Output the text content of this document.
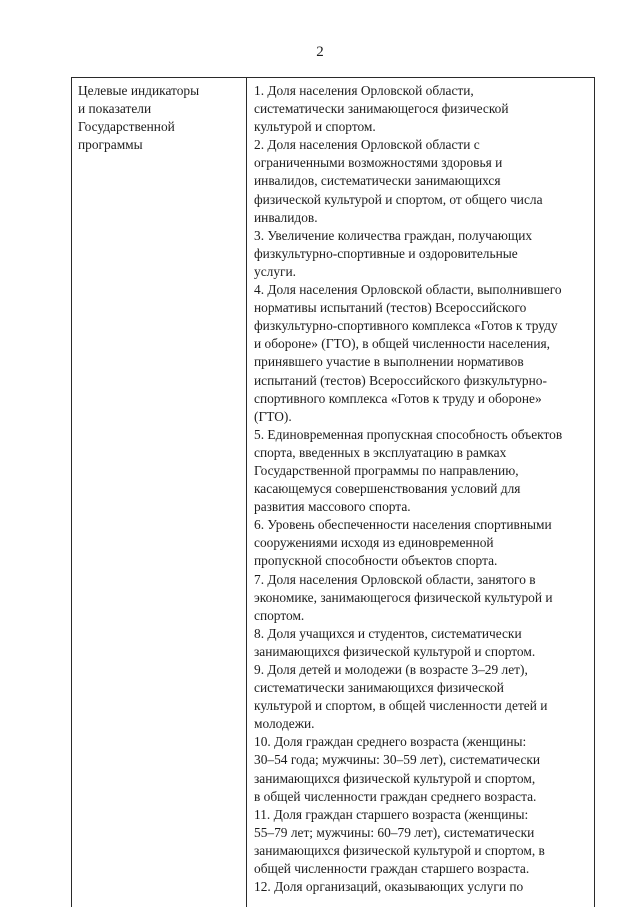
2
Целевые индикаторы
и показатели
Государственной
программы
1. Доля населения Орловской области,
систематически занимающегося физической
культурой и спортом.
2. Доля населения Орловской области с
ограниченными возможностями здоровья и
инвалидов, систематически занимающихся
физической культурой и спортом, от общего числа
инвалидов.
3. Увеличение количества граждан, получающих
физкультурно-спортивные и оздоровительные
услуги.
4. Доля населения Орловской области, выполнившего
нормативы испытаний (тестов) Всероссийского
физкультурно-спортивного комплекса «Готов к труду
и обороне» (ГТО), в общей численности населения,
принявшего участие в выполнении нормативов
испытаний (тестов) Всероссийского физкультурно-
спортивного комплекса «Готов к труду и обороне»
(ГТО).
5. Единовременная пропускная способность объектов
спорта, введенных в эксплуатацию в рамках
Государственной программы по направлению,
касающемуся совершенствования условий для
развития массового спорта.
6. Уровень обеспеченности населения спортивными
сооружениями исходя из единовременной
пропускной способности объектов спорта.
7. Доля населения Орловской области, занятого в
экономике, занимающегося физической культурой и
спортом.
8. Доля учащихся и студентов, систематически
занимающихся физической культурой и спортом.
9. Доля детей и молодежи (в возрасте 3–29 лет),
систематически занимающихся физической
культурой и спортом, в общей численности детей и
молодежи.
10. Доля граждан среднего возраста (женщины:
30–54 года; мужчины: 30–59 лет), систематически
занимающихся физической культурой и спортом,
в общей численности граждан среднего возраста.
11. Доля граждан старшего возраста (женщины:
55–79 лет; мужчины: 60–79 лет), систематически
занимающихся физической культурой и спортом, в
общей численности граждан старшего возраста.
12. Доля организаций, оказывающих услуги по
